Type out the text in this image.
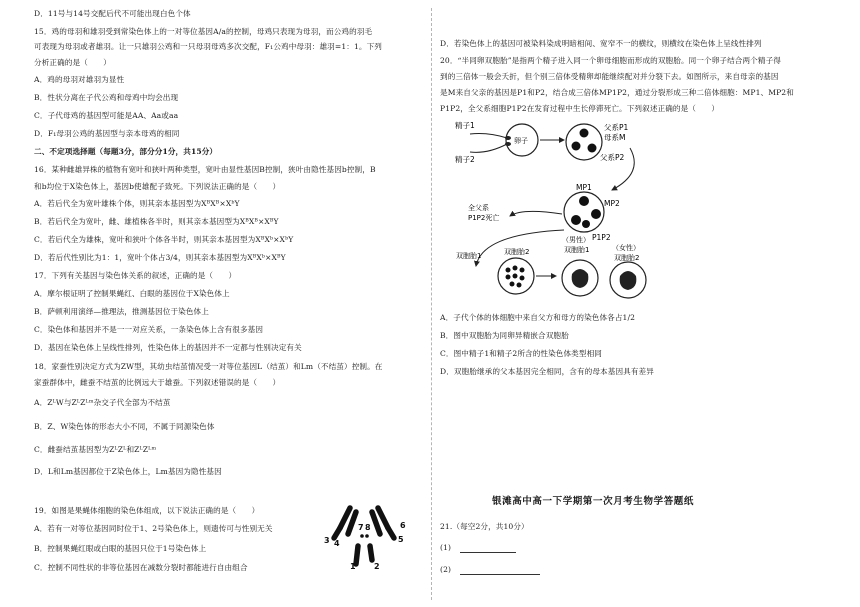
D．11号与14号交配后代不可能出现白色个体
15．鸡的母羽和雄羽受到常染色体上的一对等位基因A/a的控制，母鸡只表现为母羽，而公鸡的羽毛
可表现为母羽或者雄羽。让一只雄羽公鸡和一只母羽母鸡多次交配，F₁公鸡中母羽：雄羽=1：1。下列
分析正确的是（　　）
A．鸡的母羽对雄羽为显性
B．性状分离在子代公鸡和母鸡中均会出现
C．子代母鸡的基因型可能是AA、Aa或aa
D．F₁母羽公鸡的基因型与亲本母鸡的相同
二、不定项选择题（每题3分，部分分1分，共15分）
16．某种雌雄异株的植物有宽叶和狭叶两种类型，宽叶由显性基因B控制，狭叶由隐性基因b控制，B
和b均位于X染色体上，基因b使雄配子致死。下列说法正确的是（　　）
A．若后代全为宽叶雄株个体，则其亲本基因型为XᴮXᴮ×XᵇY
B．若后代全为宽叶，雌、雄植株各半时，则其亲本基因型为XᴮXᴮ×XᴮY
C．若后代全为雄株，宽叶和狭叶个体各半时，则其亲本基因型为XᴮXᵇ×XᵇY
D．若后代性别比为1：1，宽叶个体占3/4，则其亲本基因型为XᴮXᵇ×XᴮY
17．下列有关基因与染色体关系的叙述，正确的是（　　）
A．摩尔根证明了控制果蝇红、白眼的基因位于X染色体上
B．萨顿利用演绎—推理法，推测基因位于染色体上
C．染色体和基因并不是一一对应关系，一条染色体上含有很多基因
D．基因在染色体上呈线性排列，性染色体上的基因并不一定都与性别决定有关
18．家蚕性别决定方式为ZW型，其幼虫结茧情况受一对等位基因L（结茧）和Lm（不结茧）控制。在
家蚕群体中，雌蚕不结茧的比例远大于雄蚕。下列叙述错误的是（　　）
A．ZᴸW与ZᴸZᴸᵐ杂交子代全部为不结茧
B．Z、W染色体的形态大小不同，不属于同源染色体
C．雌蚕结茧基因型为ZᴸZᴸ和ZᴸZᴸᵐ
D．L和Lm基因都位于Z染色体上，Lm基因为隐性基因
19．如图是果蝇体细胞的染色体组成，以下说法正确的是（　　）
A．若有一对等位基因同时位于1、2号染色体上，则遗传可与性别无关
B．控制果蝇红眼或白眼的基因只位于1号染色体上
C．控制不同性状的非等位基因在减数分裂时都能进行自由组合
3 4
7 8
5
6
1 2
D．若染色体上的基因可被染料染成明暗相间、宽窄不一的横纹，则横纹在染色体上呈线性排列
20．“半同卵双胞胎”是指两个精子进入同一个卵母细胞而形成的双胞胎。同一个卵子结合两个精子得
到的三倍体一般会夭折，但个别三倍体受精卵却能继续配对并分裂下去。如图所示，来自母亲的基因
是M来自父亲的基因是P1和P2，结合成三倍体MP1P2，通过分裂形成三种二倍体细胞：MP1、MP2和
P1P2，全父系细胞P1P2在发育过程中生长停滞死亡。下列叙述正确的是（　　）
A．子代个体的体细胞中来自父方和母方的染色体各占1/2
B．图中双胞胎为同卵异精嵌合双胞胎
C．图中精子1和精子2所含的性染色体类型相同
D．双胞胎继承的父本基因完全相同，含有的母本基因具有差异
精子1
精子2
卵子
父系P1
母系M
父系P2
MP1
MP2
P1P2
全父系
P1P2死亡
双胞胎1	双胞胎2
（男性）
双胞胎1	（女性）
双胞胎2
银滩高中高一下学期第一次月考生物学答题纸
21.（每空2分，共10分）
(1)
(2)
